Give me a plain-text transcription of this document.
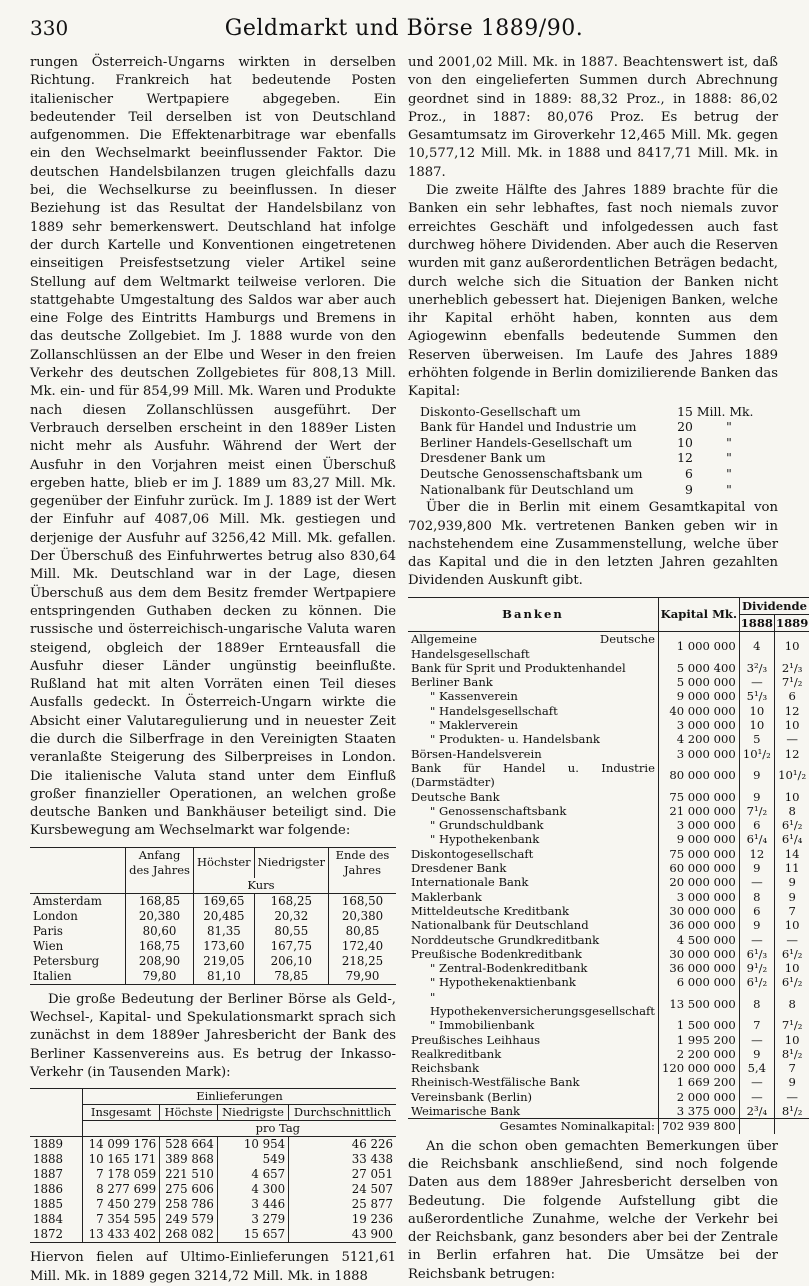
330	Geldmarkt und Börse 1889/90.

rungen Österreich-Ungarns wirkten in derselben Richtung. Frankreich hat bedeutende Posten italienischer Wertpapiere abgegeben. Ein bedeutender Teil derselben ist von Deutschland aufgenommen. Die Effektenarbitrage war ebenfalls ein den Wechselmarkt beeinflussender Faktor. Die deutschen Handelsbilanzen trugen gleichfalls dazu bei, die Wechselkurse zu beeinflussen. In dieser Beziehung ist das Resultat der Handelsbilanz von 1889 sehr bemerkenswert. Deutschland hat infolge der durch Kartelle und Konventionen eingetretenen einseitigen Preisfestsetzung vieler Artikel seine Stellung auf dem Weltmarkt teilweise verloren. Die stattgehabte Umgestaltung des Saldos war aber auch eine Folge des Eintritts Hamburgs und Bremens in das deutsche Zollgebiet. Im J. 1888 wurde von den Zollanschlüssen an der Elbe und Weser in den freien Verkehr des deutschen Zollgebietes für 808,13 Mill. Mk. ein- und für 854,99 Mill. Mk. Waren und Produkte nach diesen Zollanschlüssen ausgeführt. Der Verbrauch derselben erscheint in den 1889er Listen nicht mehr als Ausfuhr. Während der Wert der Ausfuhr in den Vorjahren meist einen Überschuß ergeben hatte, blieb er im J. 1889 um 83,27 Mill. Mk. gegenüber der Einfuhr zurück. Im J. 1889 ist der Wert der Einfuhr auf 4087,06 Mill. Mk. gestiegen und derjenige der Ausfuhr auf 3256,42 Mill. Mk. gefallen. Der Überschuß des Einfuhrwertes betrug also 830,64 Mill. Mk. Deutschland war in der Lage, diesen Überschuß aus dem dem Besitz fremder Wertpapiere entspringenden Guthaben decken zu können. Die russische und österreichisch-ungarische Valuta waren steigend, obgleich der 1889er Ernteausfall die Ausfuhr dieser Länder ungünstig beeinflußte. Rußland hat mit alten Vorräten einen Teil dieses Ausfalls gedeckt. In Österreich-Ungarn wirkte die Absicht einer Valutaregulierung und in neuester Zeit die durch die Silberfrage in den Vereinigten Staaten veranlaßte Steigerung des Silberpreises in London. Die italienische Valuta stand unter dem Einfluß großer finanzieller Operationen, an welchen große deutsche Banken und Bankhäuser beteiligt sind. Die Kursbewegung am Wechselmarkt war folgende:

	Anfang des Jahres	Höchster	Niedrigster	Ende des Jahres
		Kurs		
Amsterdam	168,85	169,65	168,25	168,50
London	20,380	20,485	20,32	20,380
Paris	80,60	81,35	80,55	80,85
Wien	168,75	173,60	167,75	172,40
Petersburg	208,90	219,05	206,10	218,25
Italien	79,80	81,10	78,85	79,90

Die große Bedeutung der Berliner Börse als Geld-, Wechsel-, Kapital- und Spekulationsmarkt sprach sich zunächst in dem 1889er Jahresbericht der Bank des Berliner Kassenvereins aus. Es betrug der Inkasso-Verkehr (in Tausenden Mark):

	Einlieferungen			
	Insgesamt	Höchste	Niedrigste	Durchschnittlich
		pro Tag		
1889	14 099 176	528 664	10 954	46 226
1888	10 165 171	389 868	549	33 438
1887	7 178 059	221 510	4 657	27 051
1886	8 277 699	275 606	4 300	24 507
1885	7 450 279	258 786	3 446	25 877
1884	7 354 595	249 579	3 279	19 236
1872	13 433 402	268 082	15 657	43 900

Hiervon fielen auf Ultimo-Einlieferungen 5121,61 Mill. Mk. in 1889 gegen 3214,72 Mill. Mk. in 1888

und 2001,02 Mill. Mk. in 1887. Beachtenswert ist, daß von den eingelieferten Summen durch Abrechnung geordnet sind in 1889: 88,32 Proz., in 1888: 86,02 Proz., in 1887: 80,076 Proz. Es betrug der Gesamtumsatz im Giroverkehr 12,465 Mill. Mk. gegen 10,577,12 Mill. Mk. in 1888 und 8417,71 Mill. Mk. in 1887.

Die zweite Hälfte des Jahres 1889 brachte für die Banken ein sehr lebhaftes, fast noch niemals zuvor erreichtes Geschäft und infolgedessen auch fast durchweg höhere Dividenden. Aber auch die Reserven wurden mit ganz außerordentlichen Beträgen bedacht, durch welche sich die Situation der Banken nicht unerheblich gebessert hat. Diejenigen Banken, welche ihr Kapital erhöht haben, konnten aus dem Agiogewinn ebenfalls bedeutende Summen den Reserven überweisen. Im Laufe des Jahres 1889 erhöhten folgende in Berlin domizilierende Banken das Kapital:

Diskonto-Gesellschaft um	15	Mill. Mk.
Bank für Handel und Industrie um	20	"
Berliner Handels-Gesellschaft um	10	"
Dresdener Bank um	12	"
Deutsche Genossenschaftsbank um	6	"
Nationalbank für Deutschland um	9	"

Über die in Berlin mit einem Gesamtkapital von 702,939,800 Mk. vertretenen Banken geben wir in nachstehendem eine Zusammenstellung, welche über das Kapital und die in den letzten Jahren gezahlten Dividenden Auskunft gibt.

Banken	Kapital Mk.	Dividende	
		1888	1889
Allgemeine Deutsche Handelsgesellschaft	1 000 000	4	10
Bank für Sprit und Produktenhandel	5 000 400	3²/₃	2¹/₃
Berliner Bank	5 000 000	—	7¹/₂
" Kassenverein	9 000 000	5¹/₃	6
" Handelsgesellschaft	40 000 000	10	12
" Maklerverein	3 000 000	10	10
" Produkten- u. Handelsbank	4 200 000	5	—
Börsen-Handelsverein	3 000 000	10¹/₂	12
Bank für Handel u. Industrie (Darmstädter)	80 000 000	9	10¹/₂
Deutsche Bank	75 000 000	9	10
" Genossenschaftsbank	21 000 000	7¹/₂	8
" Grundschuldbank	3 000 000	6	6¹/₂
" Hypothekenbank	9 000 000	6¹/₄	6¹/₄
Diskontogesellschaft	75 000 000	12	14
Dresdener Bank	60 000 000	9	11
Internationale Bank	20 000 000	—	9
Maklerbank	3 000 000	8	9
Mitteldeutsche Kreditbank	30 000 000	6	7
Nationalbank für Deutschland	36 000 000	9	10
Norddeutsche Grundkreditbank	4 500 000	—	—
Preußische Bodenkreditbank	30 000 000	6¹/₃	6¹/₂
" Zentral-Bodenkreditbank	36 000 000	9¹/₂	10
" Hypothekenaktienbank	6 000 000	6¹/₂	6¹/₂
" Hypothekenversicherungsgesellschaft	13 500 000	8	8
" Immobilienbank	1 500 000	7	7¹/₂
Preußisches Leihhaus	1 995 200	—	10
Realkreditbank	2 200 000	9	8¹/₂
Reichsbank	120 000 000	5,4	7
Rheinisch-Westfälische Bank	1 669 200	—	9
Vereinsbank (Berlin)	2 000 000	—	—
Weimarische Bank	3 375 000	2³/₄	8¹/₂
Gesamtes Nominalkapital:	702 939 800		

An die schon oben gemachten Bemerkungen über die Reichsbank anschließend, sind noch folgende Daten aus dem 1889er Jahresbericht derselben von Bedeutung. Die folgende Aufstellung gibt die außerordentliche Zunahme, welche der Verkehr bei der Reichsbank, ganz besonders aber bei der Zentrale in Berlin erfahren hat. Die Umsätze bei der Reichsbank betrugen:
